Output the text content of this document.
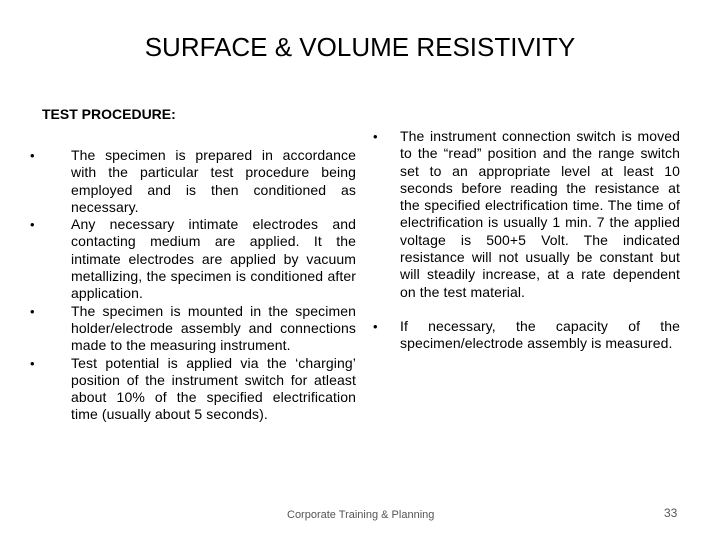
SURFACE & VOLUME RESISTIVITY
TEST PROCEDURE:
•	The specimen is prepared in accordance with the particular test procedure being employed and is then conditioned as necessary.
•	Any necessary intimate electrodes and contacting medium are applied. It the intimate electrodes are applied by vacuum metallizing, the specimen is conditioned after application.
•	The specimen is mounted in the specimen holder/electrode assembly and connections made to the measuring instrument.
•	Test potential is applied via the ‘charging’ position of the instrument switch for atleast about 10% of the specified electrification time (usually about 5 seconds).
• The instrument connection switch is moved to the “read” position and the range switch set to an appropriate level at least 10 seconds before reading the resistance at the specified electrification time. The time of electrification is usually 1 min. 7 the applied voltage is 500+5 Volt. The indicated resistance will not usually be constant but will steadily increase, at a rate dependent on the test material.
• If necessary, the capacity of the specimen/electrode assembly is measured.
Corporate Training & Planning	33
